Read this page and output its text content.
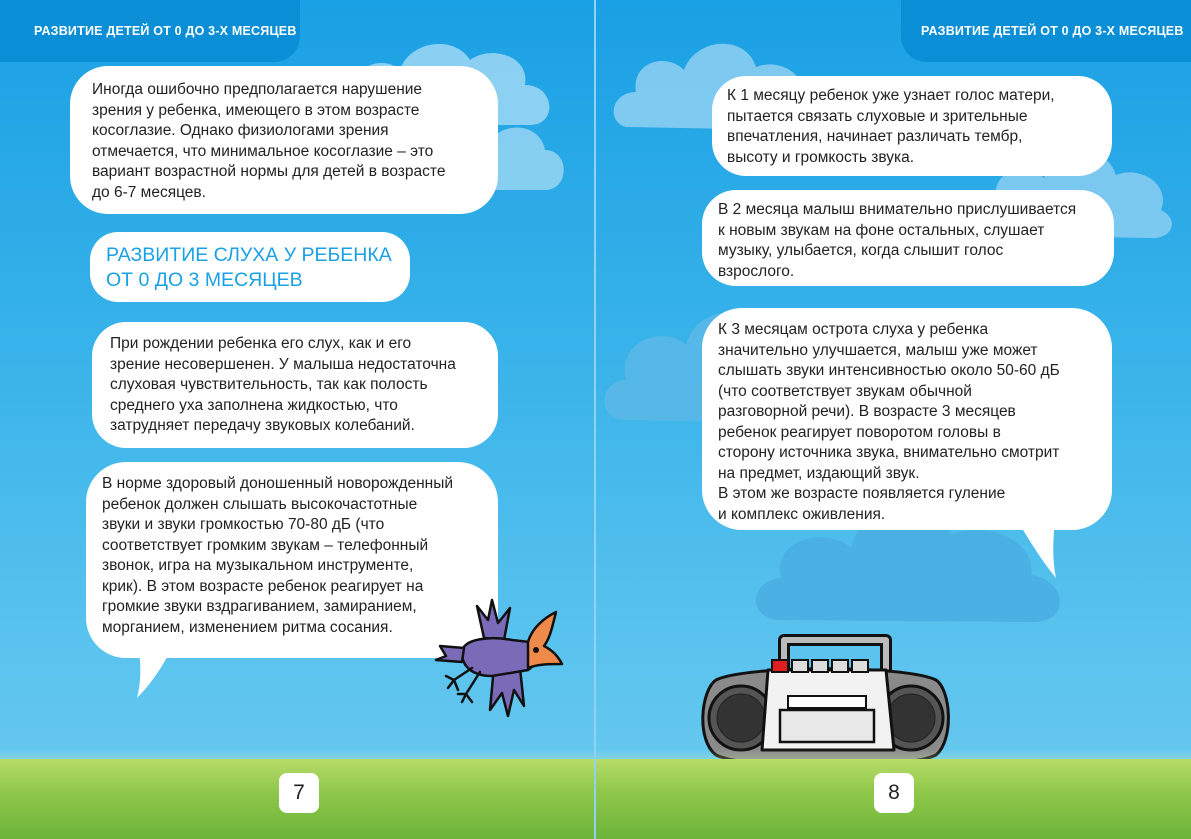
РАЗВИТИЕ ДЕТЕЙ ОТ 0 ДО 3-Х МЕСЯЦЕВ
Иногда ошибочно предполагается нарушение
зрения у ребенка, имеющего в этом возрасте
косоглазие. Однако физиологами зрения
отмечается, что минимальное косоглазие – это
вариант возрастной нормы для детей в возрасте
до 6-7 месяцев.
РАЗВИТИЕ СЛУХА У РЕБЕНКА
ОТ 0 ДО 3 МЕСЯЦЕВ
При рождении ребенка его слух, как и его
зрение несовершенен. У малыша недостаточна
слуховая чувствительность, так как полость
среднего уха заполнена жидкостью, что
затрудняет передачу звуковых колебаний.
В норме здоровый доношенный новорожденный
ребенок должен слышать высокочастотные
звуки и звуки громкостью 70-80 дБ (что
соответствует громким звукам – телефонный
звонок, игра на музыкальном инструменте,
крик). В этом возрасте ребенок реагирует на
громкие звуки вздрагиванием, замиранием,
морганием, изменением ритма сосания.
7
РАЗВИТИЕ ДЕТЕЙ ОТ 0 ДО 3-Х МЕСЯЦЕВ
К 1 месяцу ребенок уже узнает голос матери,
пытается связать слуховые и зрительные
впечатления, начинает различать тембр,
высоту и громкость звука.
В 2 месяца малыш внимательно прислушивается
к новым звукам на фоне остальных, слушает
музыку, улыбается, когда слышит голос
взрослого.
К 3 месяцам острота слуха у ребенка
значительно улучшается, малыш уже может
слышать звуки интенсивностью около 50-60 дБ
(что соответствует звукам обычной
разговорной речи). В возрасте 3 месяцев
ребенок реагирует поворотом головы в
сторону источника звука, внимательно смотрит
на предмет, издающий звук.
В этом же возрасте появляется гуление
и комплекс оживления.
8
